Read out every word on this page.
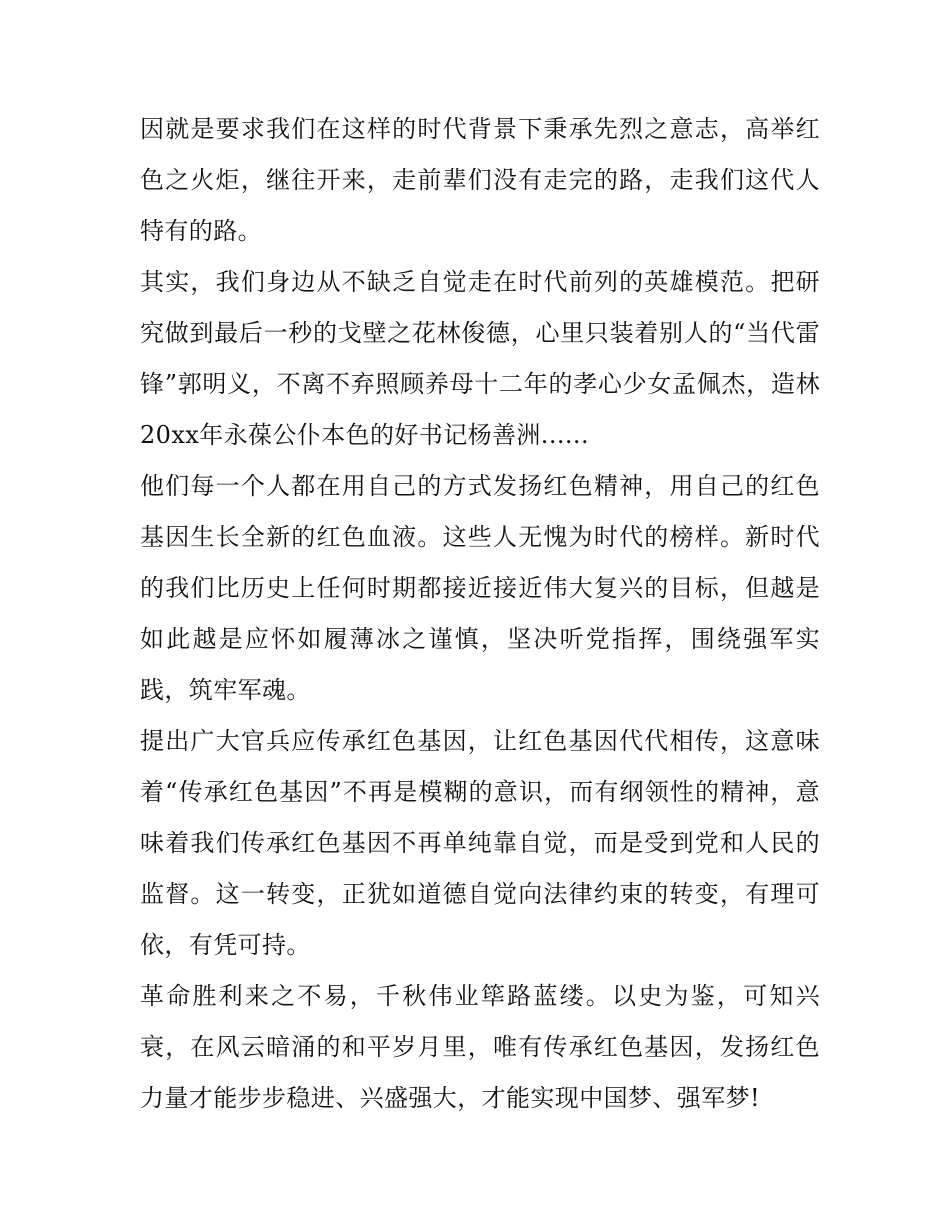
因就是要求我们在这样的时代背景下秉承先烈之意志，高举红色之火炬，继往开来，走前辈们没有走完的路，走我们这代人特有的路。

其实，我们身边从不缺乏自觉走在时代前列的英雄模范。把研究做到最后一秒的戈壁之花林俊德，心里只装着别人的“当代雷锋”郭明义，不离不弃照顾养母十二年的孝心少女孟佩杰，造林20xx年永葆公仆本色的好书记杨善洲......

他们每一个人都在用自己的方式发扬红色精神，用自己的红色基因生长全新的红色血液。这些人无愧为时代的榜样。新时代的我们比历史上任何时期都接近接近伟大复兴的目标，但越是如此越是应怀如履薄冰之谨慎，坚决听党指挥，围绕强军实践，筑牢军魂。

提出广大官兵应传承红色基因，让红色基因代代相传，这意味着“传承红色基因”不再是模糊的意识，而有纲领性的精神，意味着我们传承红色基因不再单纯靠自觉，而是受到党和人民的监督。这一转变，正犹如道德自觉向法律约束的转变，有理可依，有凭可持。

革命胜利来之不易，千秋伟业筚路蓝缕。以史为鉴，可知兴衰，在风云暗涌的和平岁月里，唯有传承红色基因，发扬红色力量才能步步稳进、兴盛强大，才能实现中国梦、强军梦!
